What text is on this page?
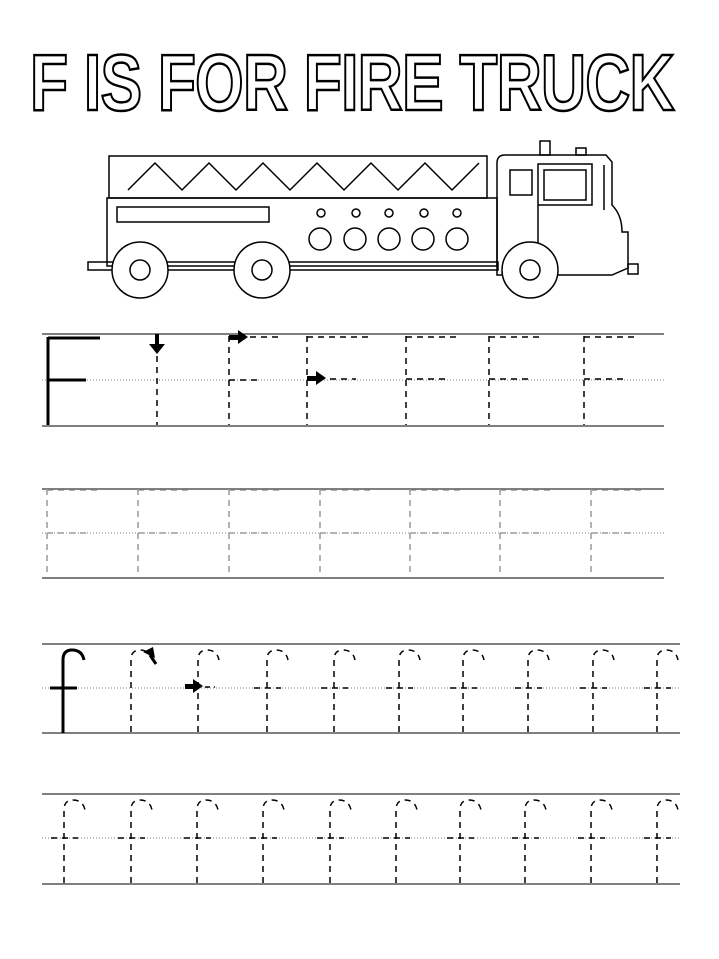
F IS FOR FIRE TRUCK
